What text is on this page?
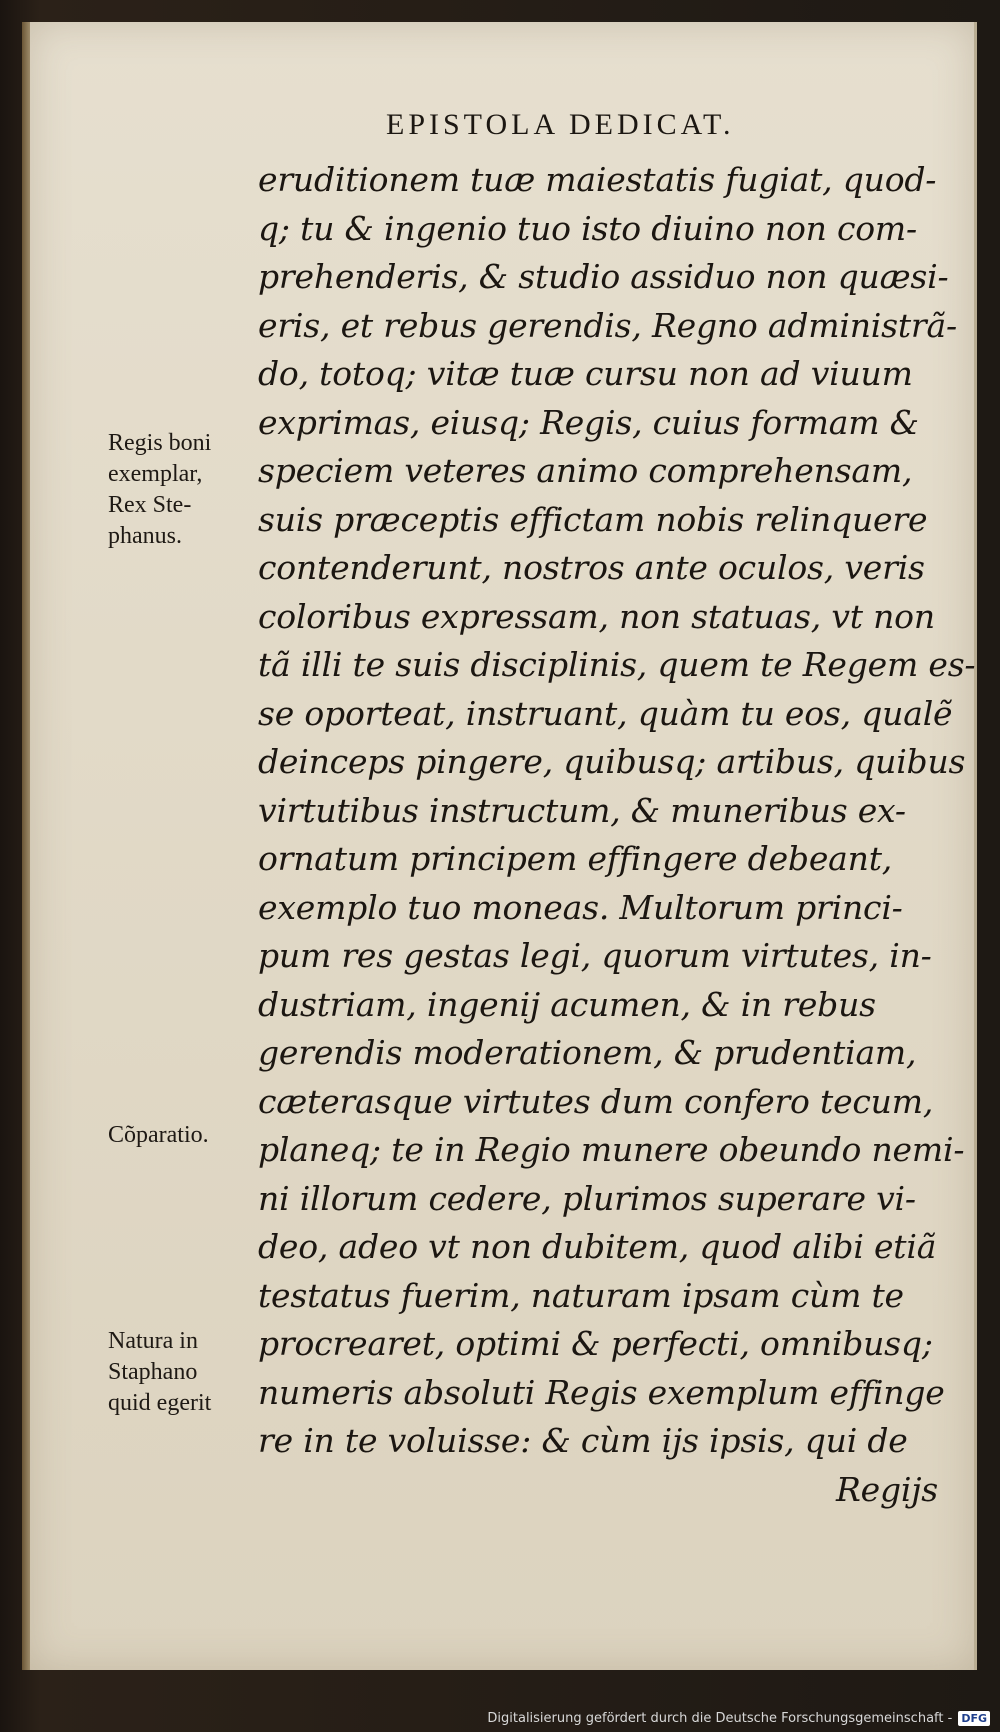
EPISTOLA DEDICAT.
Regis boni
exemplar,
Rex Ste-
phanus.
Cõparatio.
Natura in
Staphano
quid egerit
eruditionem tuæ maiestatis fugiat, quod-
q; tu & ingenio tuo isto diuino non com-
prehenderis, & studio assiduo non quæsi-
eris, et rebus gerendis, Regno administrã-
do, totoq; vitæ tuæ cursu non ad viuum
exprimas, eiusq; Regis, cuius formam &
speciem veteres animo comprehensam,
suis præceptis effictam nobis relinquere
contenderunt, nostros ante oculos, veris
coloribus expressam, non statuas, vt non
tã illi te suis disciplinis, quem te Regem es-
se oporteat, instruant, quàm tu eos, qualẽ
deinceps pingere, quibusq; artibus, quibus
virtutibus instructum, & muneribus ex-
ornatum principem effingere debeant,
exemplo tuo moneas. Multorum princi-
pum res gestas legi, quorum virtutes, in-
dustriam, ingenij acumen, & in rebus
gerendis moderationem, & prudentiam,
cæterasque virtutes dum confero tecum,
planeq; te in Regio munere obeundo nemi-
ni illorum cedere, plurimos superare vi-
deo, adeo vt non dubitem, quod alibi etiã
testatus fuerim, naturam ipsam cùm te
procrearet, optimi & perfecti, omnibusq;
numeris absoluti Regis exemplum effinge
re in te voluisse: & cùm ijs ipsis, qui de
Regijs
Digitalisierung gefördert durch die Deutsche Forschungsgemeinschaft - DFG
